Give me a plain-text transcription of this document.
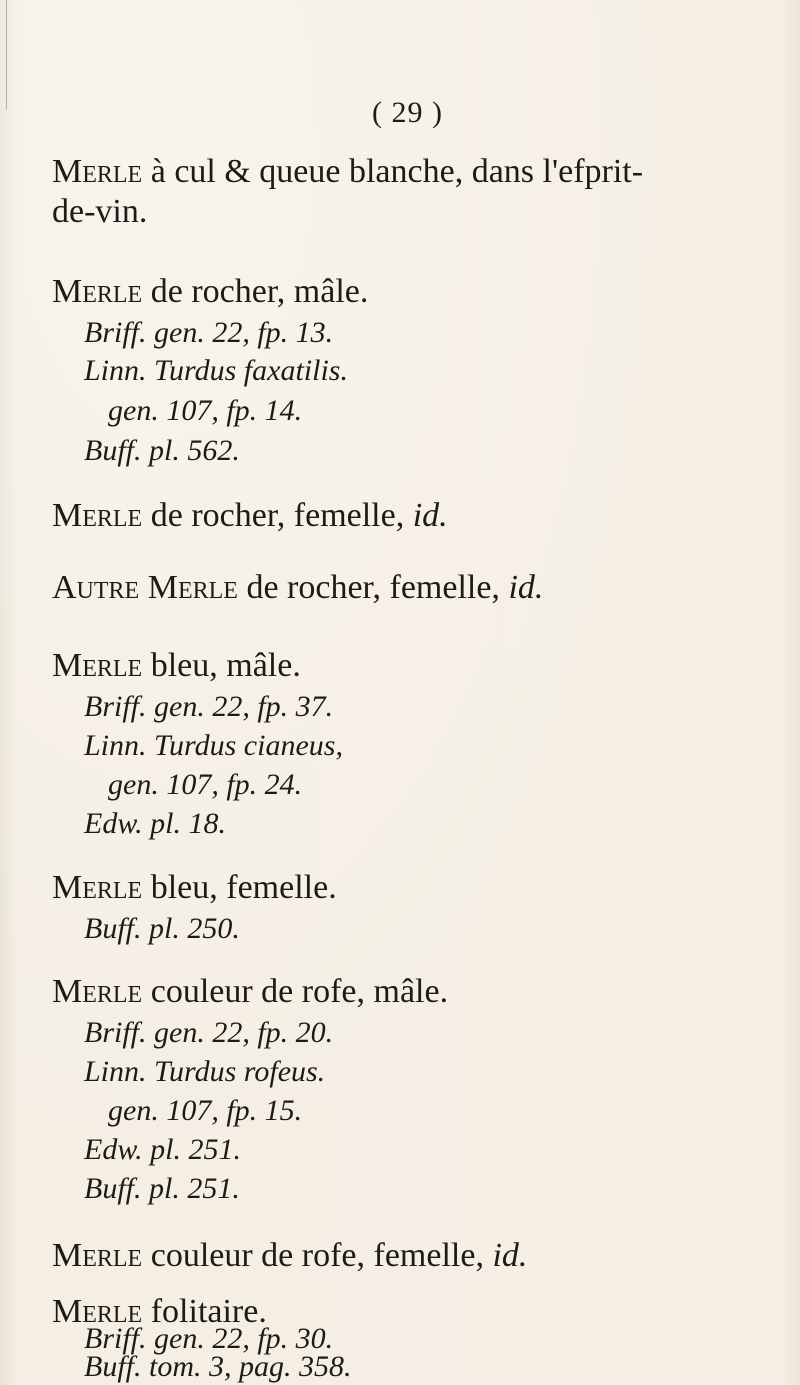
( 29 )
Merle à cul & queue blanche, dans l'efprit-
de-vin.
Merle de rocher, mâle.
Briff. gen. 22, fp. 13.
Linn. Turdus faxatilis.
gen. 107, fp. 14.
Buff. pl. 562.
Merle de rocher, femelle, id.
Autre Merle de rocher, femelle, id.
Merle bleu, mâle.
Briff. gen. 22, fp. 37.
Linn. Turdus cianeus,
gen. 107, fp. 24.
Edw. pl. 18.
Merle bleu, femelle.
Buff. pl. 250.
Merle couleur de rofe, mâle.
Briff. gen. 22, fp. 20.
Linn. Turdus rofeus.
gen. 107, fp. 15.
Edw. pl. 251.
Buff. pl. 251.
Merle couleur de rofe, femelle, id.
Merle folitaire.
Briff. gen. 22, fp. 30.
Buff. tom. 3, pag. 358.
